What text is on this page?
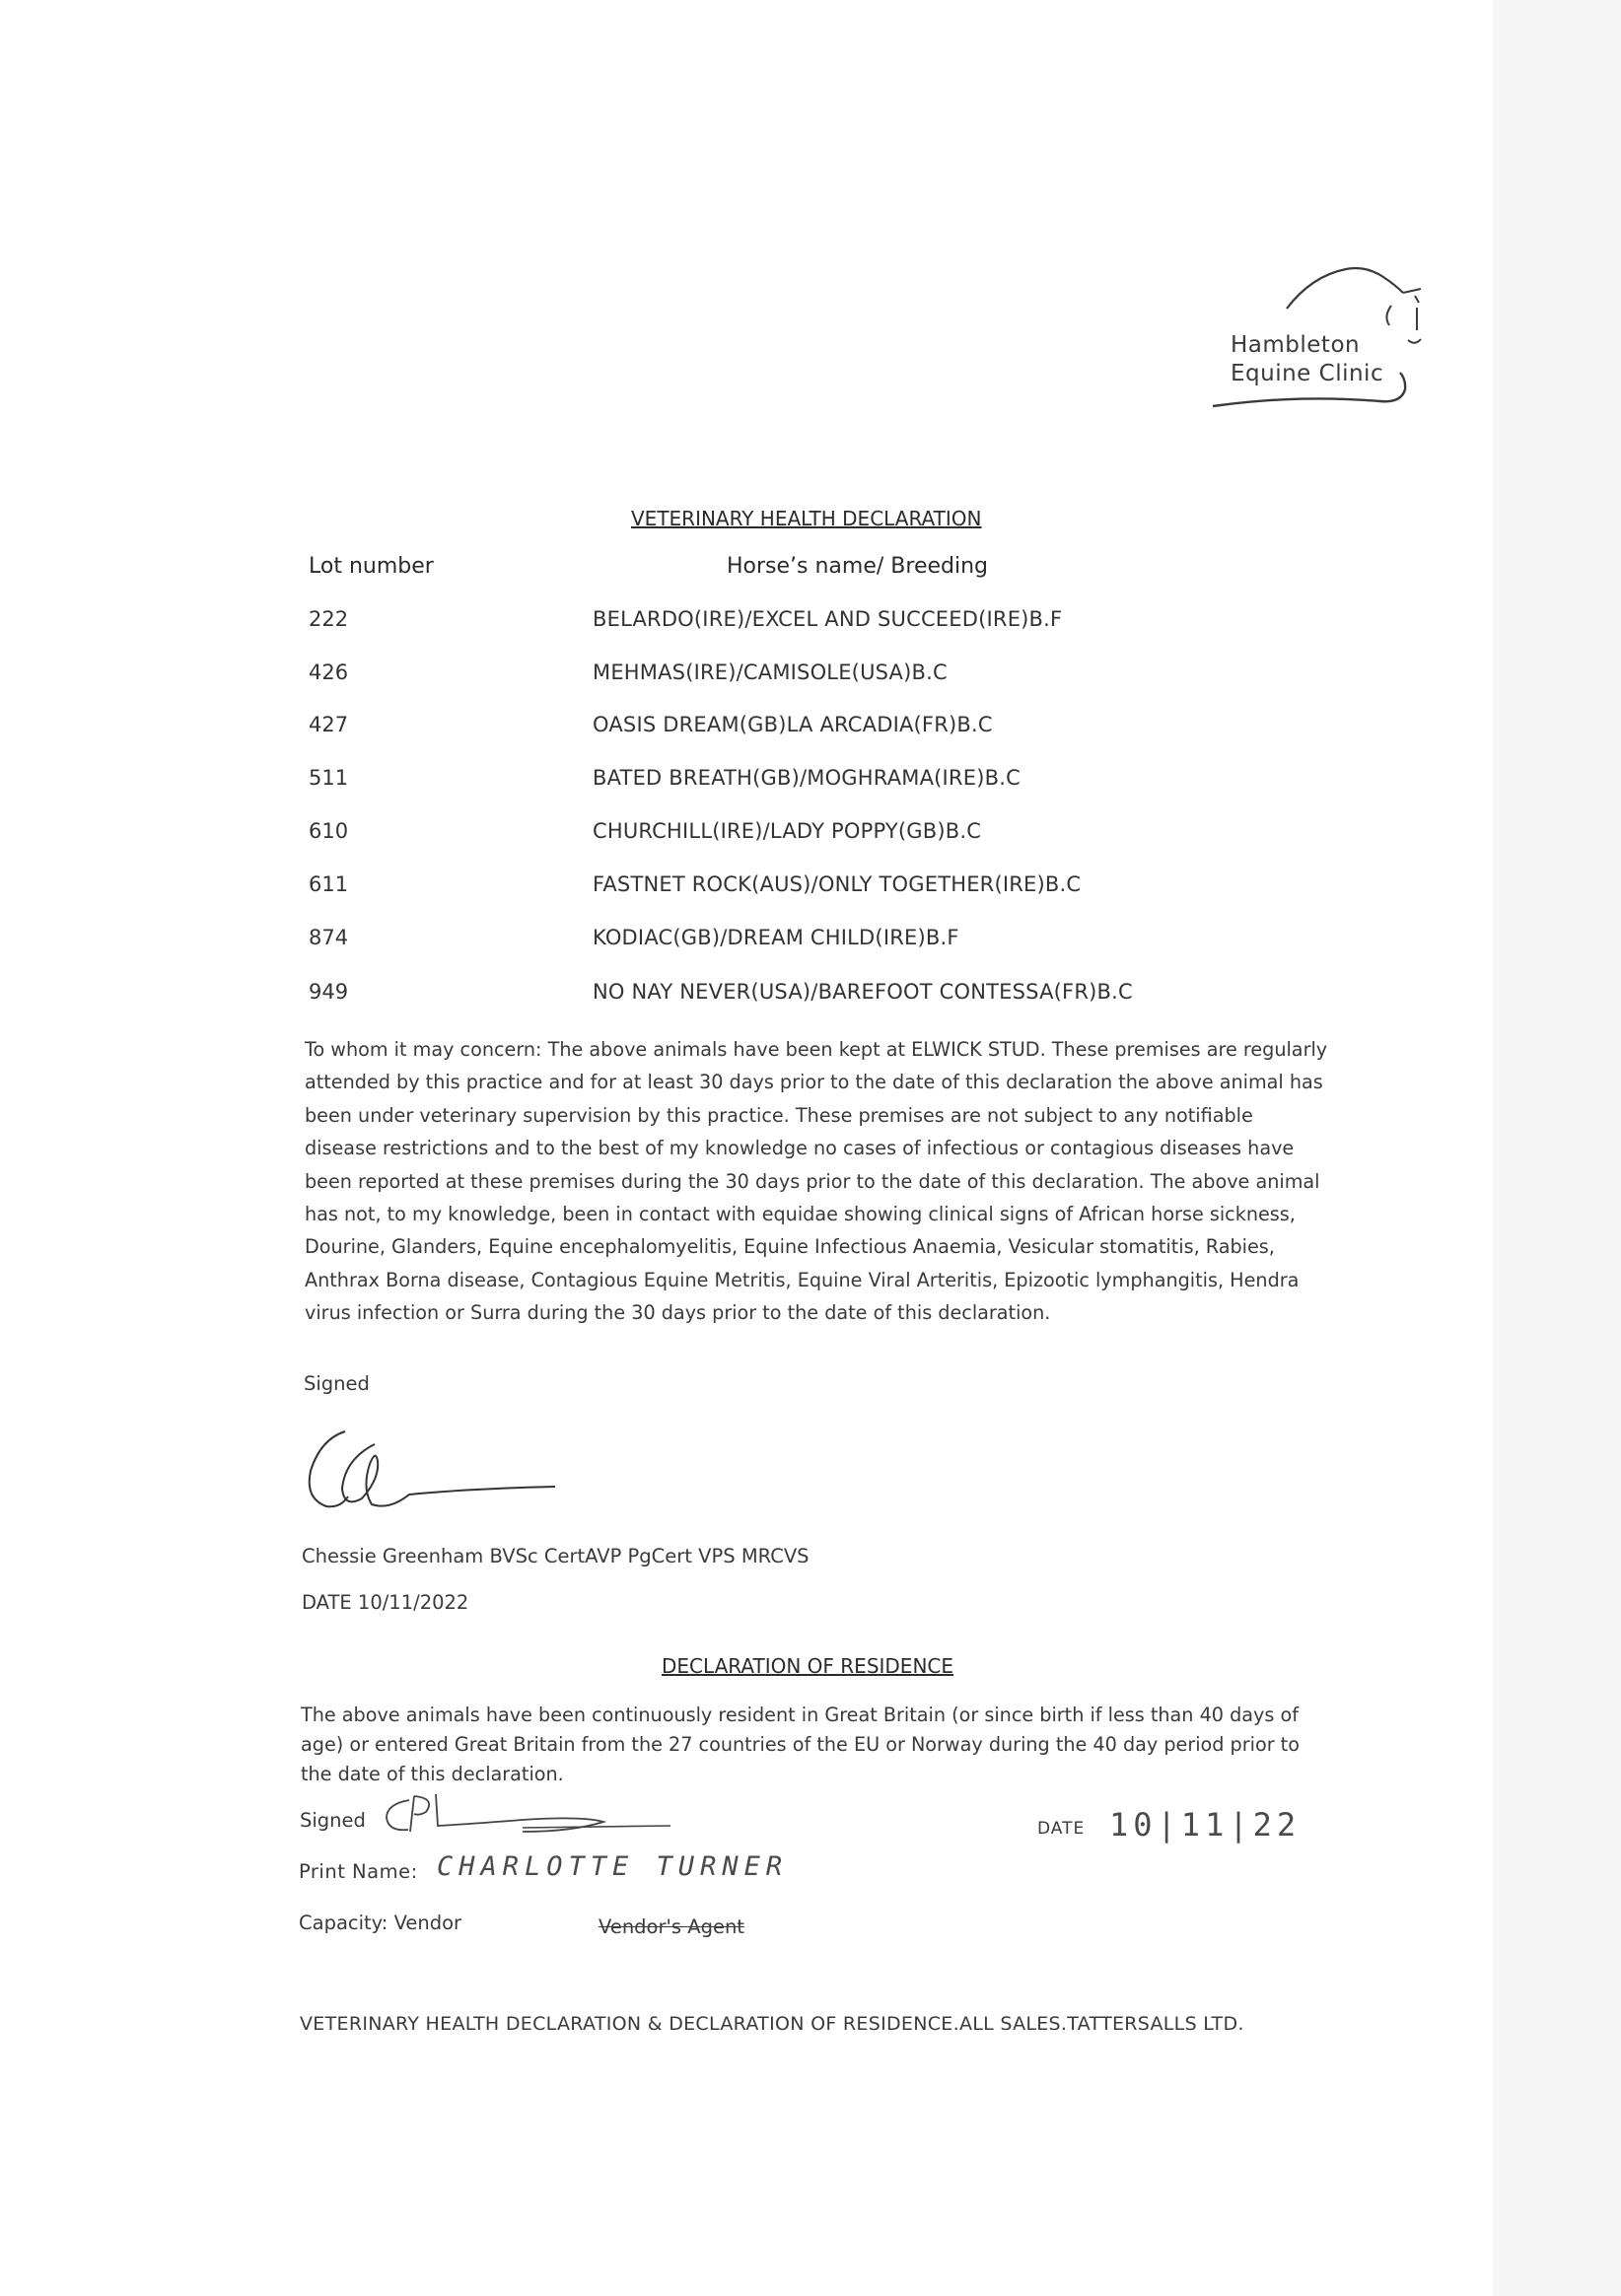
Hambleton
Equine Clinic
VETERINARY HEALTH DECLARATION
Lot number	Horse’s name/ Breeding
222	BELARDO(IRE)/EXCEL AND SUCCEED(IRE)B.F
426	MEHMAS(IRE)/CAMISOLE(USA)B.C
427	OASIS DREAM(GB)LA ARCADIA(FR)B.C
511	BATED BREATH(GB)/MOGHRAMA(IRE)B.C
610	CHURCHILL(IRE)/LADY POPPY(GB)B.C
611	FASTNET ROCK(AUS)/ONLY TOGETHER(IRE)B.C
874	KODIAC(GB)/DREAM CHILD(IRE)B.F
949	NO NAY NEVER(USA)/BAREFOOT CONTESSA(FR)B.C
To whom it may concern: The above animals have been kept at ELWICK STUD. These premises are regularly attended by this practice and for at least 30 days prior to the date of this declaration the above animal has been under veterinary supervision by this practice. These premises are not subject to any notifiable disease restrictions and to the best of my knowledge no cases of infectious or contagious diseases have been reported at these premises during the 30 days prior to the date of this declaration. The above animal has not, to my knowledge, been in contact with equidae showing clinical signs of African horse sickness, Dourine, Glanders, Equine encephalomyelitis, Equine Infectious Anaemia, Vesicular stomatitis, Rabies, Anthrax Borna disease, Contagious Equine Metritis, Equine Viral Arteritis, Epizootic lymphangitis, Hendra virus infection or Surra during the 30 days prior to the date of this declaration.
Signed
Chessie Greenham BVSc CertAVP PgCert VPS MRCVS
DATE 10/11/2022
DECLARATION OF RESIDENCE
The above animals have been continuously resident in Great Britain (or since birth if less than 40 days of age) or entered Great Britain from the 27 countries of the EU or Norway during the 40 day period prior to the date of this declaration.
Signed	DATE 10|11|22
Print Name: CHARLOTTE TURNER
Capacity: Vendor	Vendor's Agent
VETERINARY HEALTH DECLARATION & DECLARATION OF RESIDENCE.ALL SALES.TATTERSALLS LTD.
